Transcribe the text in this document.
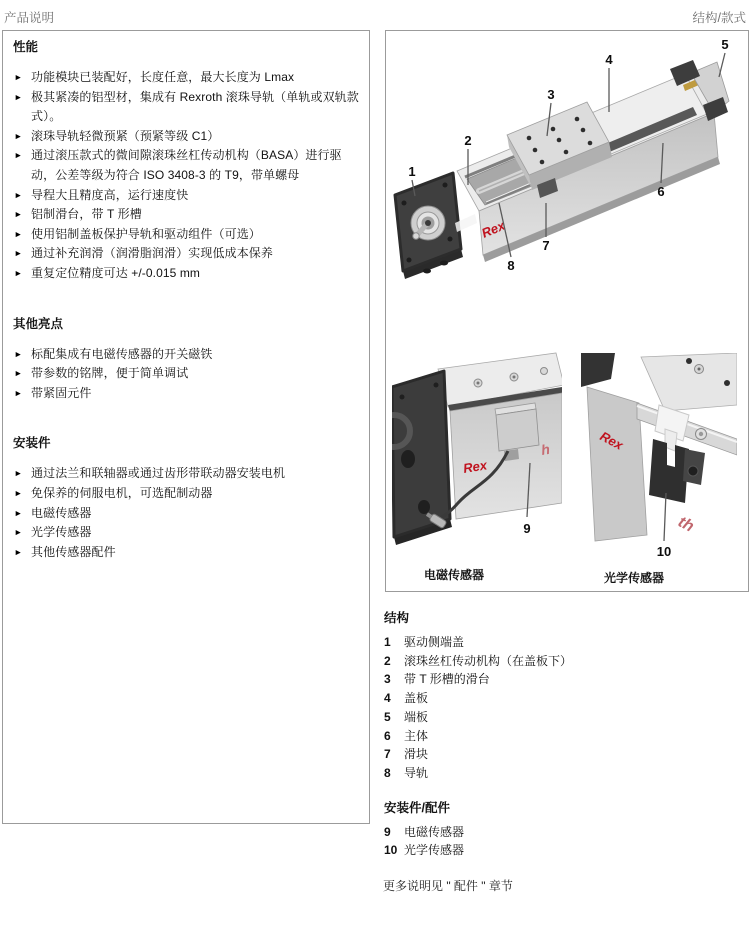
产品说明	结构/款式
性能
► 功能模块已装配好，长度任意，最大长度为 Lmax
► 极其紧凑的铝型材，集成有 Rexroth 滚珠导轨（单轨或双轨款式）。
► 滚珠导轨轻微预紧（预紧等级 C1）
► 通过滚压款式的微间隙滚珠丝杠传动机构（BASA）进行驱动，公差等级为符合 ISO 3408-3 的 T9，带单螺母
► 导程大且精度高，运行速度快
► 铝制滑台，带 T 形槽
► 使用铝制盖板保护导轨和驱动组件（可选）
► 通过补充润滑（润滑脂润滑）实现低成本保养
► 重复定位精度可达 +/-0.015 mm
其他亮点
► 标配集成有电磁传感器的开关磁铁
► 带参数的铭牌，便于简单调试
► 带紧固元件
安装件
► 通过法兰和联轴器或通过齿形带联动器安装电机
► 免保养的伺服电机，可选配制动器
► 电磁传感器
► 光学传感器
► 其他传感器配件
Rex
1
2
3
4
5
6
7
8
Rex
h
9
Rex
th
10
电磁传感器	光学传感器
结构
1	驱动侧端盖
2	滚珠丝杠传动机构（在盖板下）
3	带 T 形槽的滑台
4	盖板
5	端板
6	主体
7	滑块
8	导轨
安装件/配件
9	电磁传感器
10 光学传感器
更多说明见 " 配件 " 章节
